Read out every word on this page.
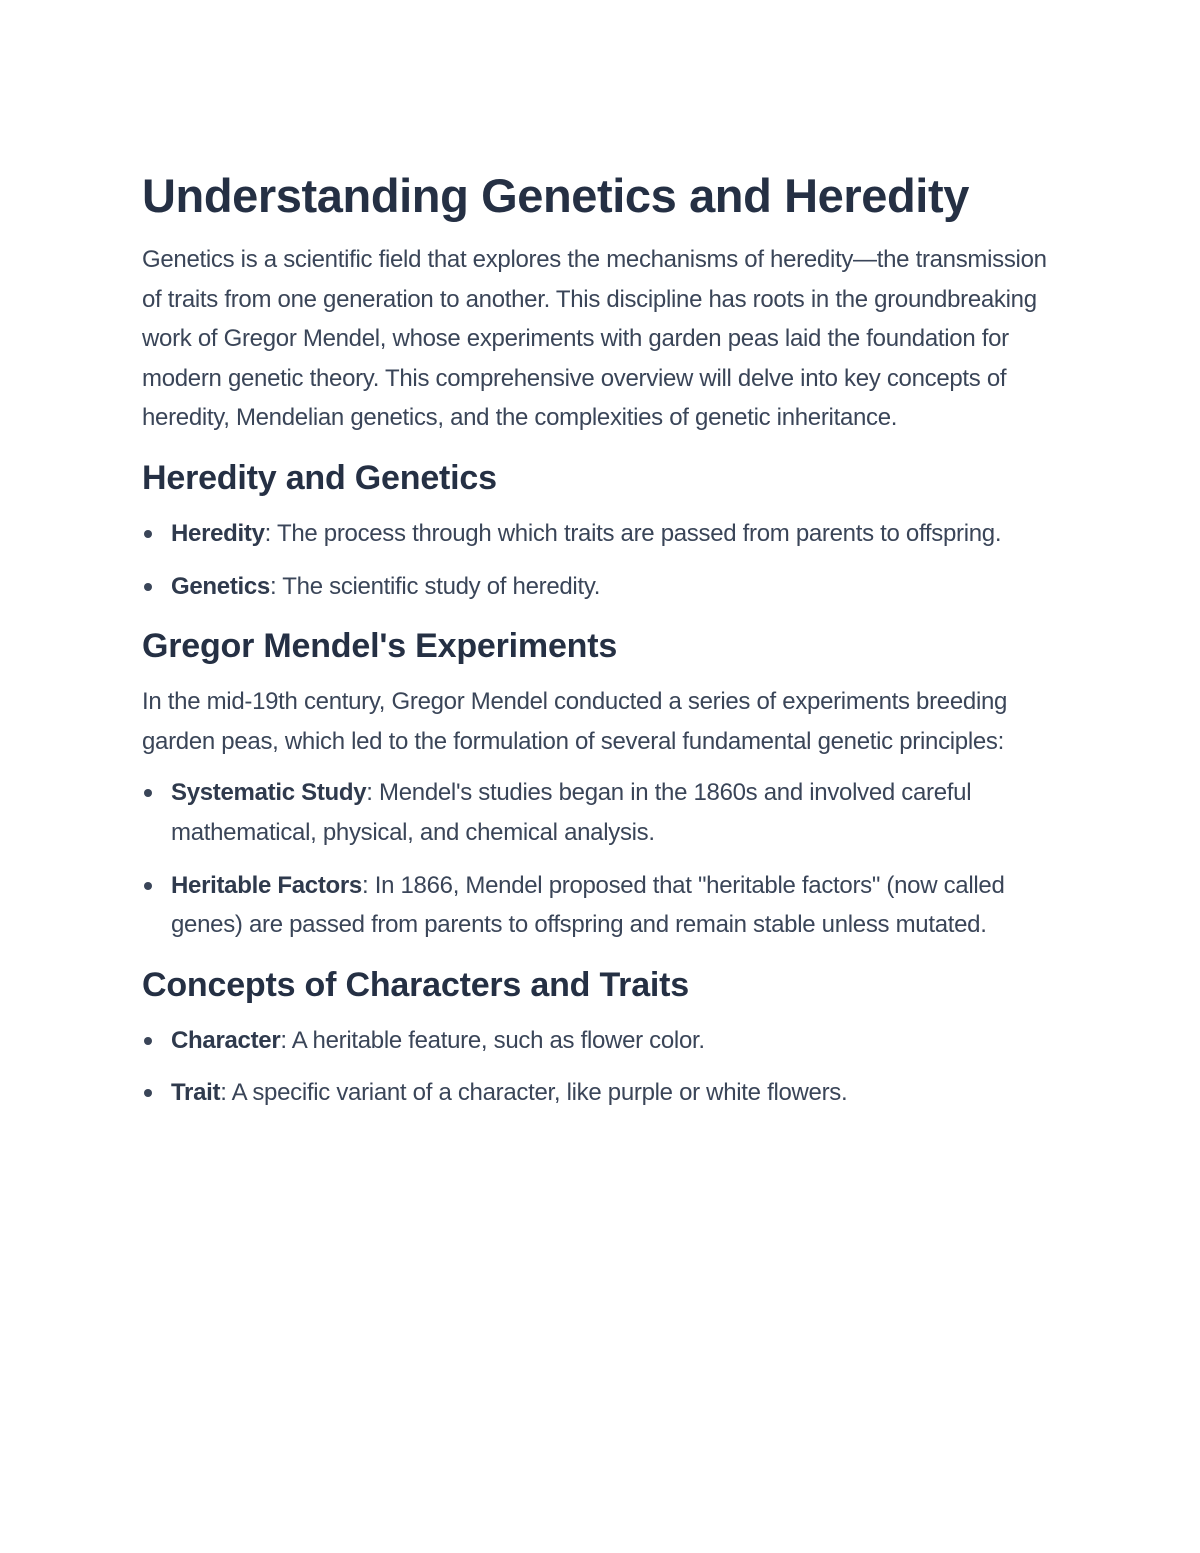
Understanding Genetics and Heredity

Genetics is a scientific field that explores the mechanisms of heredity—the transmission of traits from one generation to another. This discipline has roots in the groundbreaking work of Gregor Mendel, whose experiments with garden peas laid the foundation for modern genetic theory. This comprehensive overview will delve into key concepts of heredity, Mendelian genetics, and the complexities of genetic inheritance.

Heredity and Genetics
Heredity: The process through which traits are passed from parents to offspring.
Genetics: The scientific study of heredity.
Gregor Mendel's Experiments

In the mid-19th century, Gregor Mendel conducted a series of experiments breeding garden peas, which led to the formulation of several fundamental genetic principles:

Systematic Study: Mendel's studies began in the 1860s and involved careful mathematical, physical, and chemical analysis.
Heritable Factors: In 1866, Mendel proposed that "heritable factors" (now called genes) are passed from parents to offspring and remain stable unless mutated.
Concepts of Characters and Traits
Character: A heritable feature, such as flower color.
Trait: A specific variant of a character, like purple or white flowers.
